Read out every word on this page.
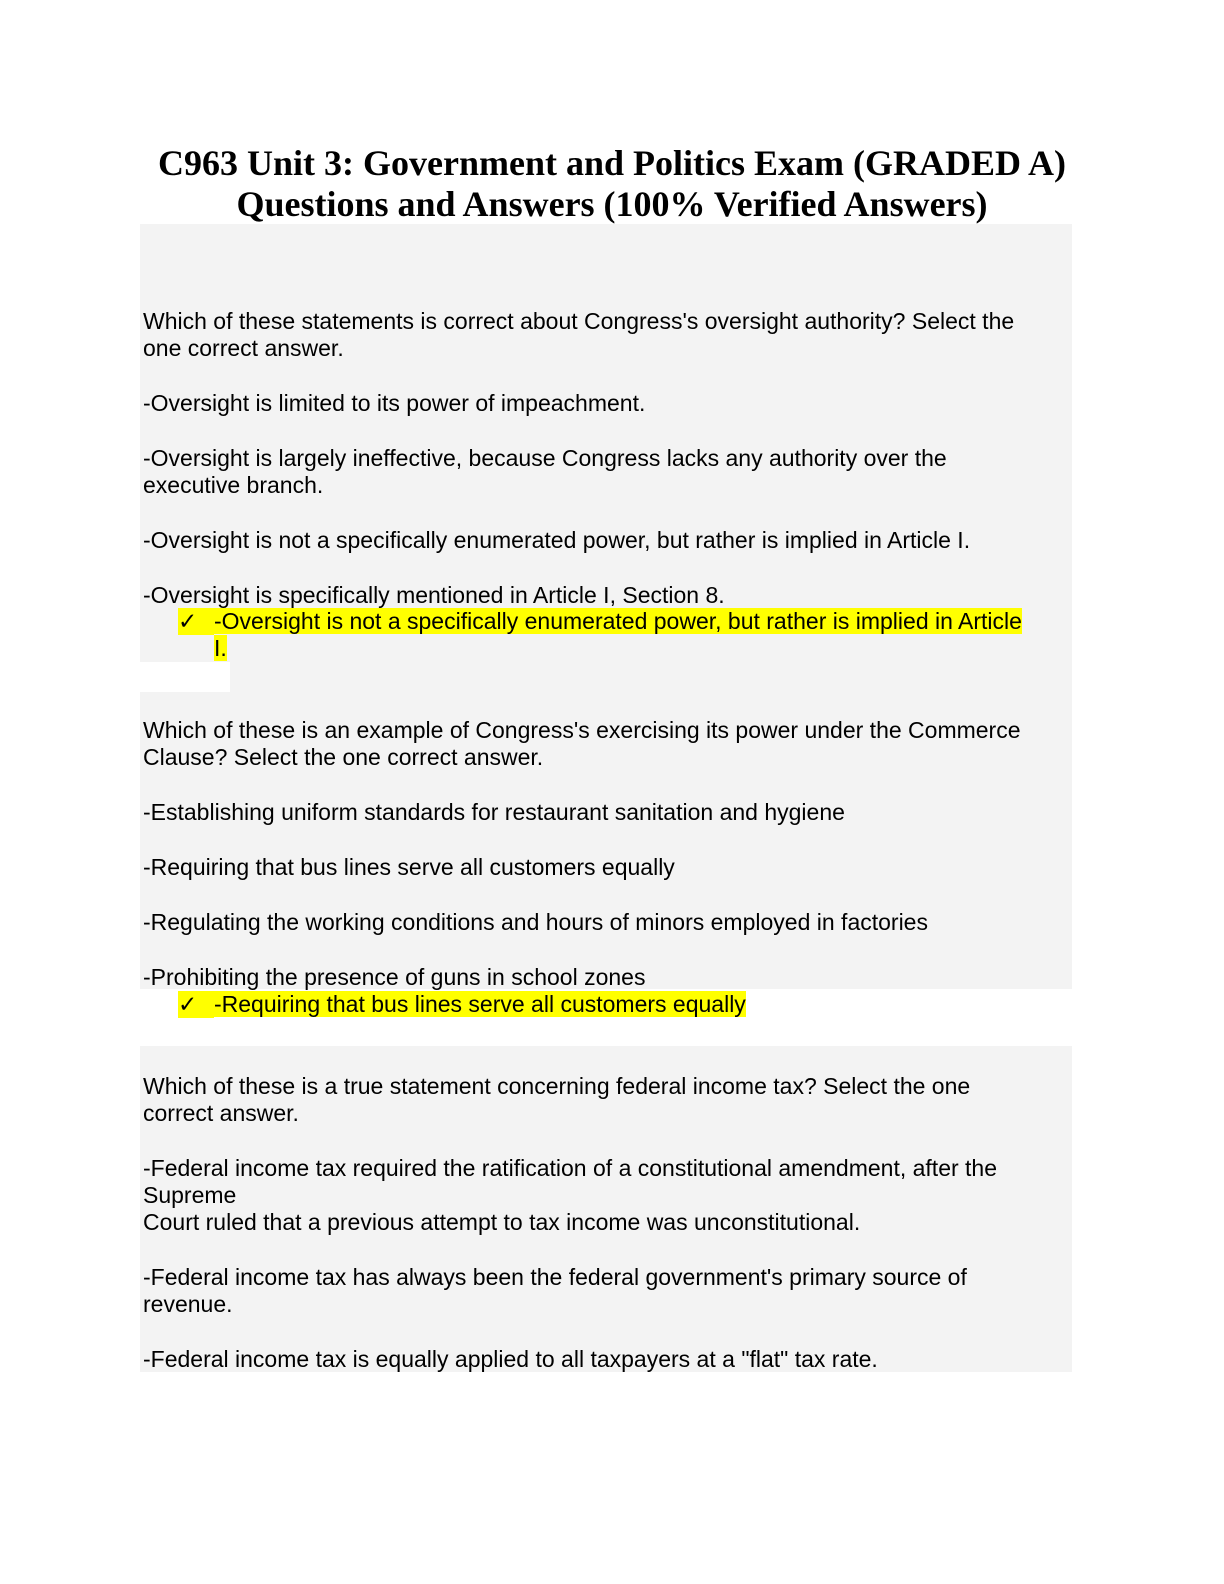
C963 Unit 3: Government and Politics Exam (GRADED A)
Questions and Answers (100% Verified Answers)
Which of these statements is correct about Congress's oversight authority? Select the
one correct answer.
-Oversight is limited to its power of impeachment.
-Oversight is largely ineffective, because Congress lacks any authority over the
executive branch.
-Oversight is not a specifically enumerated power, but rather is implied in Article I.
-Oversight is specifically mentioned in Article I, Section 8.
✓ -Oversight is not a specifically enumerated power, but rather is implied in Article
I.
Which of these is an example of Congress's exercising its power under the Commerce
Clause? Select the one correct answer.
-Establishing uniform standards for restaurant sanitation and hygiene
-Requiring that bus lines serve all customers equally
-Regulating the working conditions and hours of minors employed in factories
-Prohibiting the presence of guns in school zones
✓ -Requiring that bus lines serve all customers equally
Which of these is a true statement concerning federal income tax? Select the one
correct answer.
-Federal income tax required the ratification of a constitutional amendment, after the
Supreme
Court ruled that a previous attempt to tax income was unconstitutional.
-Federal income tax has always been the federal government's primary source of
revenue.
-Federal income tax is equally applied to all taxpayers at a "flat" tax rate.
